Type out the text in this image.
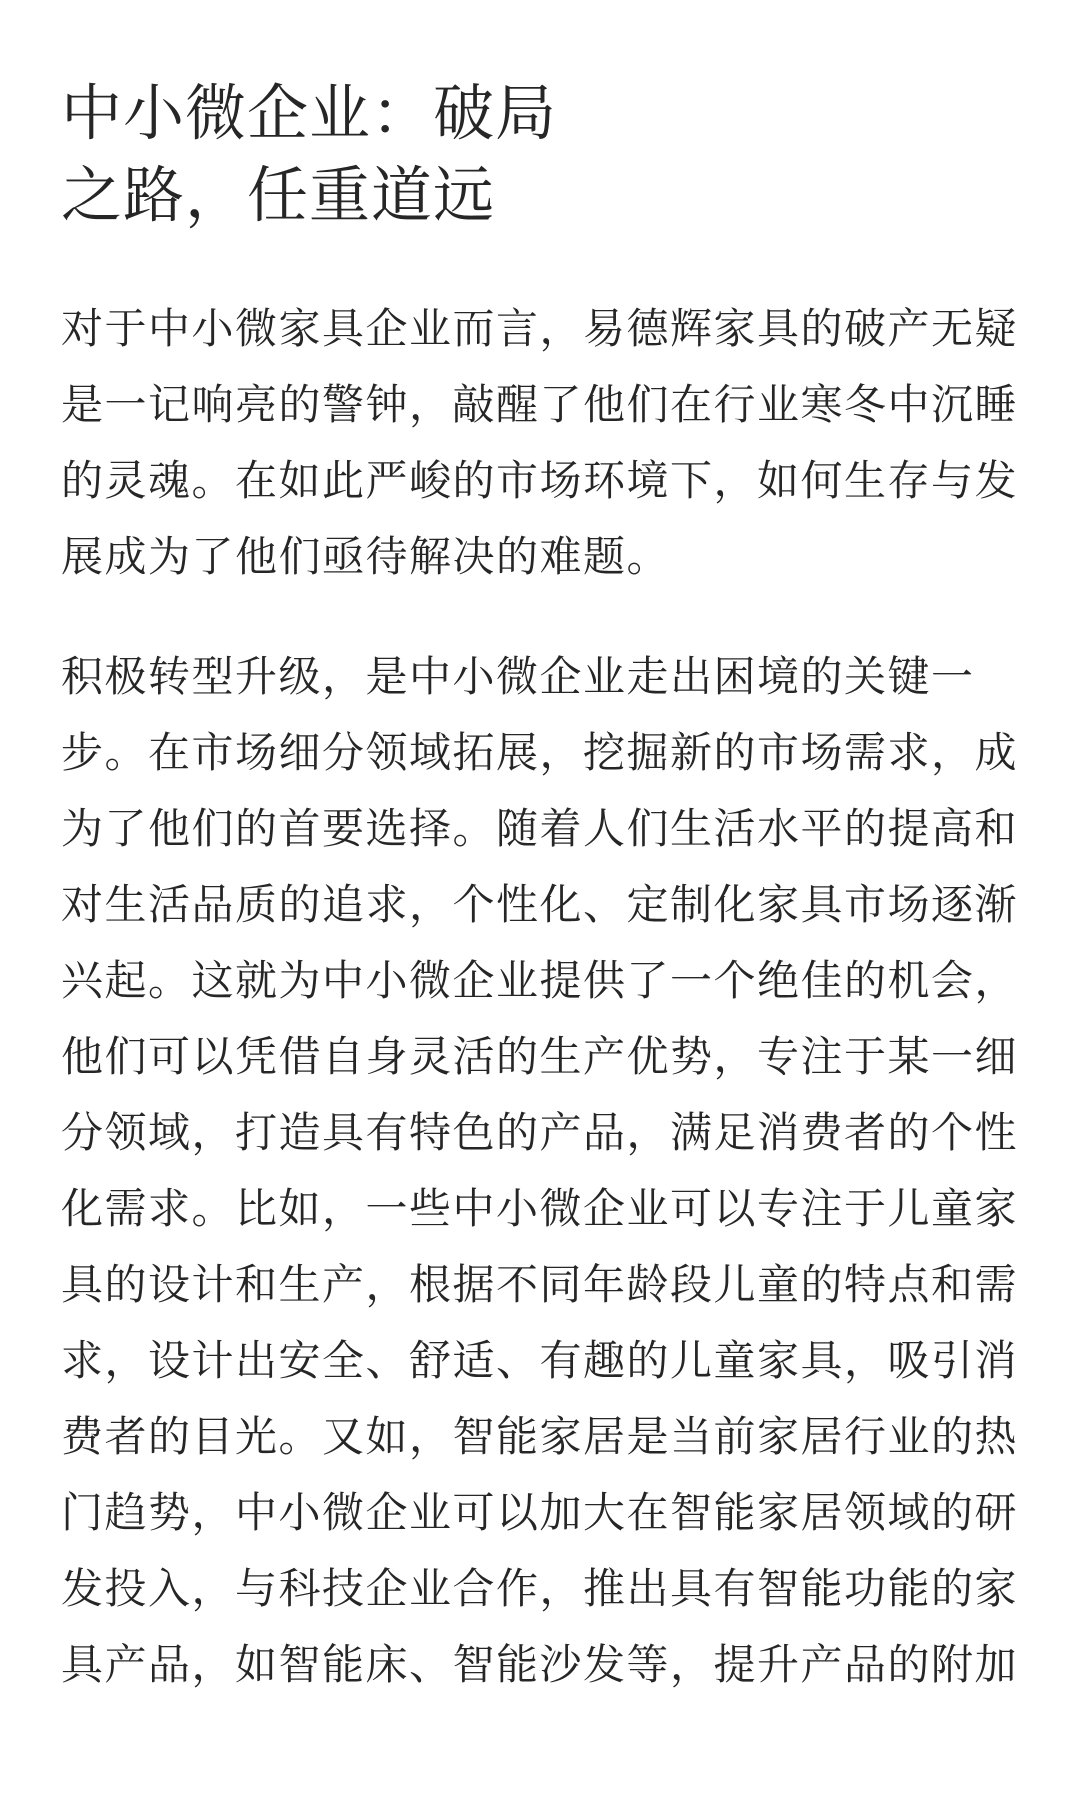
中小微企业：破局
之路，任重道远
对于中小微家具企业而言，易德辉家具的破产无疑
是一记响亮的警钟，敲醒了他们在行业寒冬中沉睡
的灵魂。在如此严峻的市场环境下，如何生存与发
展成为了他们亟待解决的难题。
积极转型升级，是中小微企业走出困境的关键一
步。在市场细分领域拓展，挖掘新的市场需求，成
为了他们的首要选择。随着人们生活水平的提高和
对生活品质的追求，个性化、定制化家具市场逐渐
兴起。这就为中小微企业提供了一个绝佳的机会，
他们可以凭借自身灵活的生产优势，专注于某一细
分领域，打造具有特色的产品，满足消费者的个性
化需求。比如，一些中小微企业可以专注于儿童家
具的设计和生产，根据不同年龄段儿童的特点和需
求，设计出安全、舒适、有趣的儿童家具，吸引消
费者的目光。又如，智能家居是当前家居行业的热
门趋势，中小微企业可以加大在智能家居领域的研
发投入，与科技企业合作，推出具有智能功能的家
具产品，如智能床、智能沙发等，提升产品的附加
